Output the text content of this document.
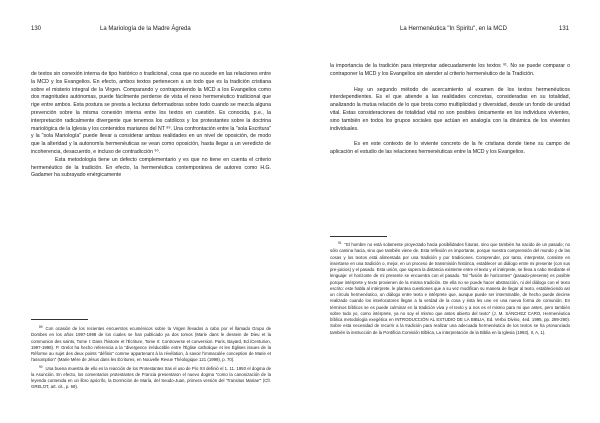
130	La Mariología de la Madre Ágreda

de textos sin conexión interna de tipo histórico o tradicional, cosa que no sucede en las relaciones entre la MCD y los Evangelios. En efecto, ambos textos pertenecen a un todo que es la tradición cristiana sobre el misterio integral de la Virgen. Comparando y contraponiendo la MCD a los Evangelios como dos magnitudes autónomas, puede fácilmente perderse de vista el nexo hermenéutico tradicional que rige entre ambos. Esta postura se presta a lecturas deformadoras sobre todo cuando se mezcla alguna prevención sobre la misma conexión interna entre los textos en cuestión. Es conocida, p.e., la interpretación radicalmente divergente que tenemos los católicos y los protestantes sobre la doctrina mariológica de la Iglesia y los contenidos marianos del NT ⁸⁹. Una confrontación entre la "sola Escritura" y la "sola Mariología" puede llevar a considerar ambas realidades en un nivel de oposición, de modo que la alteridad y la autonomía hermenéuticas se vean como oposición, hasta llegar a un veredicto de incoherencia, desacuerdo, e incluso de contradicción ⁹⁰.

Esta metodología tiene un defecto complementario y es que no tiene en cuenta el criterio hermenéutico de la tradición. En efecto, la hermenéutica contemporánea de autores como H.G. Gadamer ha subrayado enérgicamente

$^{89}$ Con ocasión de los recientes encuentros ecuménicos sobre la Virgen llevados a cabo por el llamado Grupo de Dombes en los años 1997-1998 de los cuales se han publicado ya dos tomos (Marie dans le dessein de Dieu et la communion des saints, Tome I: Dans l'histoire et l'Écriture, Tome II: Controverse et conversion. Paris, Bayard, Ed./Centurion, 1997-1998). P. Grelot ha hecho referencia a la "divergence irréductible entre l'Église catholique et les Églises issues de la Réforme au sujet des deux points "définis" comme appartenant à la révélation, à savoir l'immaculée conception de Marie et l'assomption" (Marie Mère de Jésus dans les Écritures, en Nouvelle Revue Théologique 121 (1999), p. 70).
$^{90}$ Una buena muestra de ello es la reacción de los Protestantes tras el uso de Pío XII definió el 1. 11. 1950 el dogma de la Asunción. En efecto, los comentarios protestantes de Francia presentaron el nuevo dogma "como la canonización de la leyenda contenida en un libro apócrifo, la Dormición de María, del Seudo-Juan, primera versión del 'Transitus Mariae'" (Cfr. GRELOT, art. cit., p. 69).
La Hermenéutica "In Spiritu", en la MCD	131

la importancia de la tradición para interpretar adecuadamente los textos ⁹¹. No se puede comparar o contraponer la MCD y los Evangelios sin atender al criterio hermenéutico de la Tradición.

Hay un segundo método de acercamiento al examen de los textos hermenéuticos interdependientes. Es el que atiende a las realidades concretas, consideradas en su totalidad, analizando la mutua relación de lo que brota como multiplicidad y diversidad, desde un fondo de unidad vital. Estas consideraciones de totalidad vital no son posibles únicamente en los individuos vivientes, sino también en todos los grupos sociales que actúan en analogía con la dinámica de los vivientes individuales.

Es en este contexto de lo viviente concreto de la fe cristiana donde tiene su campo de aplicación el estudio de las relaciones hermenéuticas entre la MCD y los Evangelios.

$^{91}$ "El hombre no está solamente proyectado hacia posibilidades futuras, sino que también ha nacido de un pasado; no sólo camina hacia, sino que también viene de. Esta reflexión es importante, porque nuestra comprensión del mundo y de las cosas y los textos está alimentada por una tradición y por tradiciones. Comprender, por tanto, interpretar, consiste en insertarse en una tradición o, mejor, en un proceso de transmisión histórica, establecer un diálogo entre mi presente (con sus pre-juicios) y el pasado. Esta unión, que supera la distancia existente entre el texto y el intérprete, se lleva a cabo mediante el lenguaje: el horizonte de mi presente se encuentra con el pasado. Tal "fusión de horizontes" (pasado-presente) es posible porque intérprete y texto provienen de la misma tradición. De ella no se puede hacer abstracción, ni del diálogo con el texto escrito: este habla al intérprete, le plantea cuestiones que a su vez modifican su manera de llegar al texto, estableciendo así un círculo hermenéutico, un diálogo entre texto e intérprete que, aunque puede ser interminable, de hecho puede decirse realizado cuando los interlocutores llegan a la verdad de la cosa y ésta les une en una nueva forma de comunión. En términos bíblicos se es puede culminar en la tradición viva y el texto y a nos es el mismo para mi que antes, pero también sobre todo yo, como intérprete, ya no soy el mismo que antes abierto del texto" (J. M. SÁNCHEZ CARO, Hermenéutica bíblica metodología exegética en INTRODUCCIÓN AL ESTUDIO DE LA BIBLIA, Ed. Verbo Divino, 4ed. 1995, pp. 289-290). Sobre esta necesidad de recurrir a la tradición para realizar una adecuada hermenéutica de los textos se ha pronunciado también la instrucción de la Pontificia Comisión Bíblica, La interpretación de la Biblia en la Iglesia (1993), II, A, 1).
